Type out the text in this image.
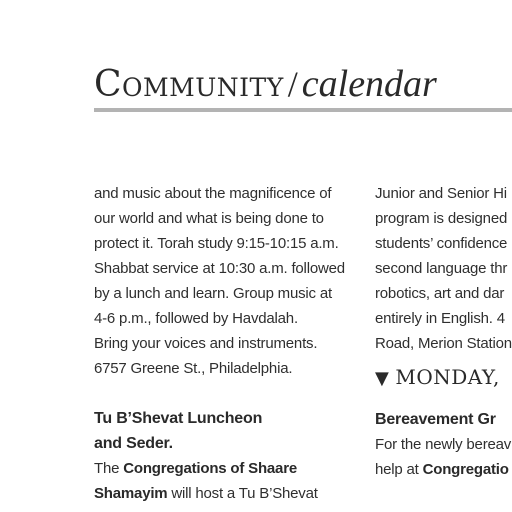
Community / calendar
and music about the magnificence of
our world and what is being done to
protect it. Torah study 9:15-10:15 a.m.
Shabbat service at 10:30 a.m. followed
by a lunch and learn. Group music at
4-6 p.m., followed by Havdalah.
Bring your voices and instruments.
6757 Greene St., Philadelphia.
Tu B’Shevat Luncheon
and Seder.
The Congregations of Shaare
Shamayim will host a Tu B’Shevat
Junior and Senior Hi
program is designed
students’ confidence
second language thr
robotics, art and dar
entirely in English. 4
Road, Merion Station
▼ MONDAY,
Bereavement Gr
For the newly bereav
help at Congregatio
